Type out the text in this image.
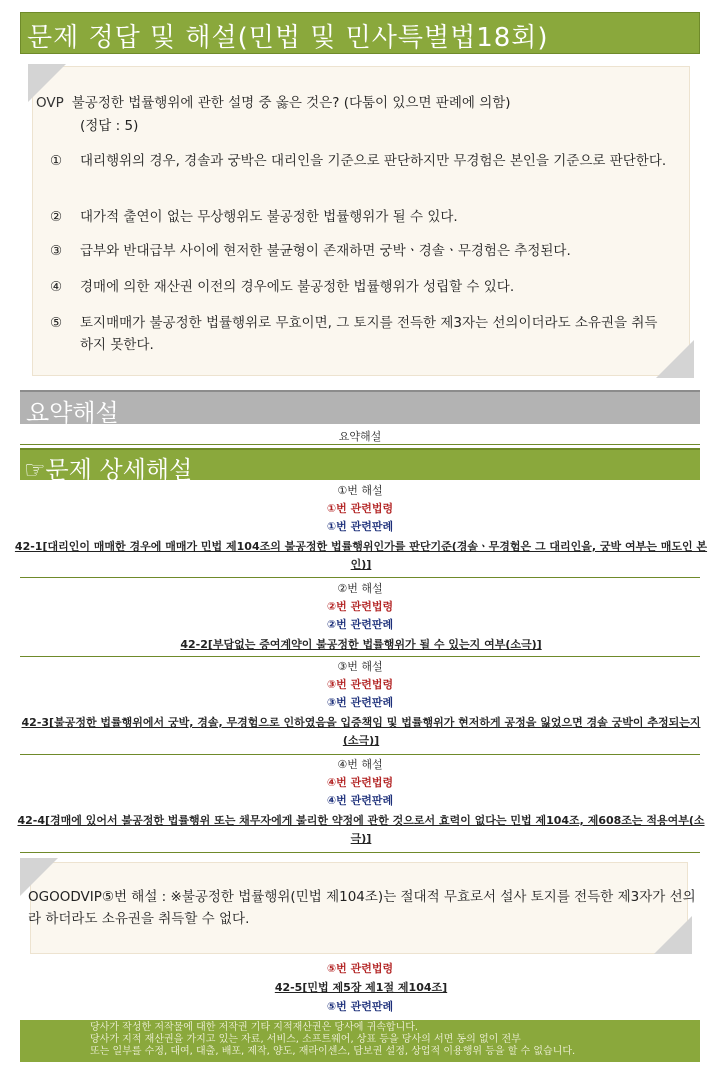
문제 정답 및 해설(민법 및 민사특별법18회)
OVP 불공정한 법률행위에 관한 설명 중 옳은 것은? (다툼이 있으면 판례에 의함)
(정답 : 5)
①	대리행위의 경우, 경솔과 궁박은 대리인을 기준으로 판단하지만 무경험은 본인을 기준으로 판단한다.
②	대가적 출연이 없는 무상행위도 불공정한 법률행위가 될 수 있다.
③	급부와 반대급부 사이에 현저한 불균형이 존재하면 궁박ㆍ경솔ㆍ무경험은 추정된다.
④	경매에 의한 재산권 이전의 경우에도 불공정한 법률행위가 성립할 수 있다.
⑤	토지매매가 불공정한 법률행위로 무효이면, 그 토지를 전득한 제3자는 선의이더라도 소유권을 취득하지 못한다.
요약해설
요약해설
☞문제 상세해설
①번 해설
①번 관련법령
①번 관련판례
42-1[대리인이 매매한 경우에 매매가 민법 제104조의 불공정한 법률행위인가를 판단기준(경솔ㆍ무경험은 그 대리인을, 궁박 여부는 매도인 본인)]
②번 해설
②번 관련법령
②번 관련판례
42-2[부담없는 증여계약이 불공정한 법률행위가 될 수 있는지 여부(소극)]
③번 해설
③번 관련법령
③번 관련판례
42-3[불공정한 법률행위에서 궁박, 경솔, 무경험으로 인하였음을 입증책임 및 법률행위가 현저하게 공정을 잃었으면 경솔 궁박이 추정되는지(소극)]
④번 해설
④번 관련법령
④번 관련판례
42-4[경매에 있어서 불공정한 법률행위 또는 채무자에게 불리한 약정에 관한 것으로서 효력이 없다는 민법 제104조, 제608조는 적용여부(소극)]
OGOODVIP⑤번 해설 : ※불공정한 법률행위(민법 제104조)는 절대적 무효로서 설사 토지를 전득한 제3자가 선의라 하더라도 소유권을 취득할 수 없다.
⑤번 관련법령
42-5[민법 제5장 제1절 제104조]
⑤번 관련판례
당사가 작성한 저작물에 대한 저작권 기타 지적재산권은 당사에 귀속합니다.
당사가 지적 재산권을 가지고 있는 자료, 서비스, 소프트웨어, 상표 등을 당사의 서면 동의 없이 전부
또는 일부를 수정, 대여, 대출, 배포, 제작, 양도, 재라이센스, 담보권 설정, 상업적 이용행위 등을 할 수 없습니다.
